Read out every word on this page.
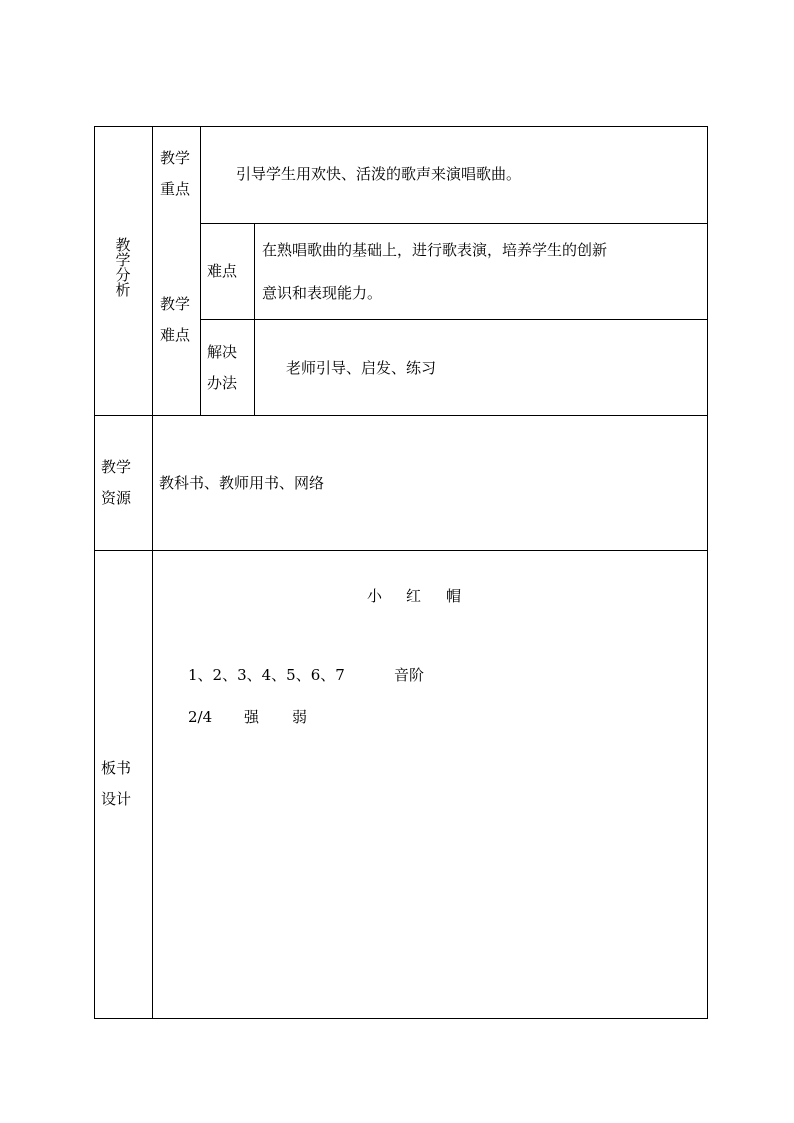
教学分析
教学
重点
引导学生用欢快、活泼的歌声来演唱歌曲。
教学
难点
难点
在熟唱歌曲的基础上，进行歌表演，培养学生的创新
意识和表现能力。
解决
办法
老师引导、启发、练习
教学
资源
教科书、教师用书、网络
板书
设计
小 红 帽
1、2、3、4、5、6、7	音阶
2/4 强 弱
